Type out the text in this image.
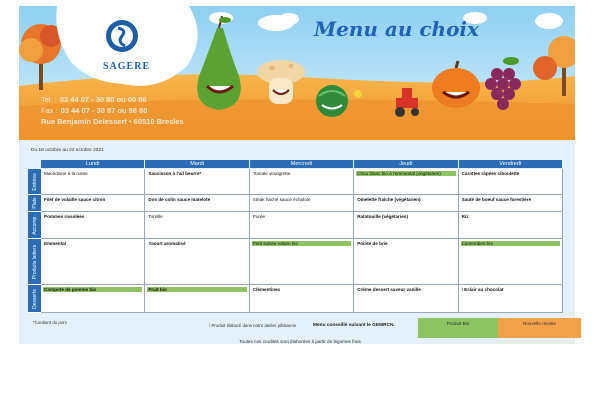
SAGERE
Menu au choix
Tel. : 03 44 07 - 30 80 ou 00 86
Fax : 03 44 07 - 30 87 ou 98 80
Rue Benjamin Delessert • 60510 Bresles
Du 18 octobre au 22 octobre 2021
Lundi	Mardi	Mercredi	Jeudi	Vendredi
Entrées Macédoine à la russe	Saucisson à l'ail beurre*	Tomate vinaigrette	Chou blanc bio à l'emmental (végétarien)	Carottes râpées ciboulette
Plats Filet de volaille sauce citron	Dos de colin sauce matelote	Steak haché sauce échalote	Omelette fraîche (végétarien)	Sauté de boeuf sauce forestière
Accomp. Pommes rissolées	Torsille	Purée	Ratatouille (végétarien)	Riz
Produits laitiers
Emmental	Yaourt aromatisé	Petit suisse nature bio	Pointe de brie	Camembert bio
Desserts Compote de pomme bio	Fruit bio	Clémentines	Crème dessert saveur vanille	\ Eclair au chocolat
*Contient du porc
\ Produit élaboré dans notre atelier pâtisserie	Menu conseillé suivant le GEMRCN.	Produit Bio	Nouvelle recette
Toutes nos crudités sont élaborées à partir de légumes frais
